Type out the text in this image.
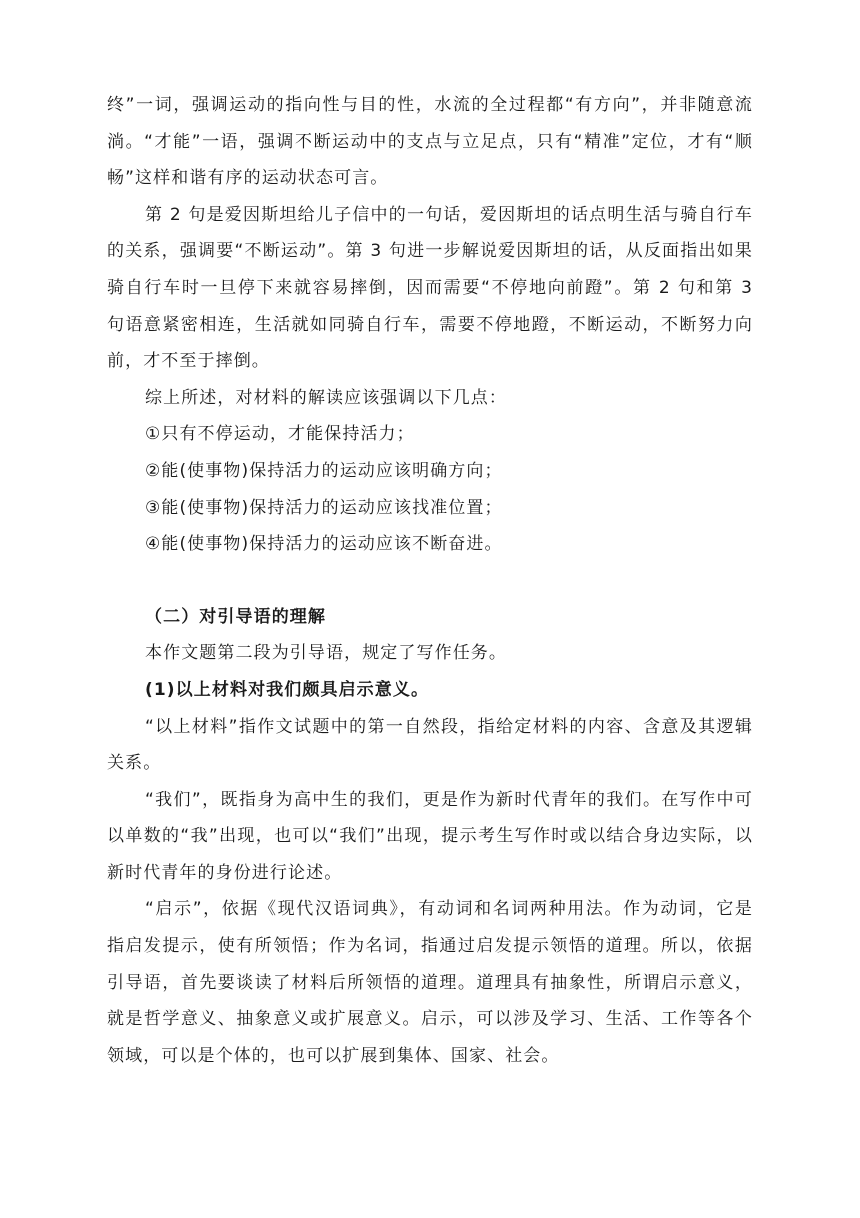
终”一词，强调运动的指向性与目的性，水流的全过程都“有方向”，并非随意流淌。“才能”一语，强调不断运动中的支点与立足点，只有“精准”定位，才有“顺畅”这样和谐有序的运动状态可言。

第 2 句是爱因斯坦给儿子信中的一句话，爱因斯坦的话点明生活与骑自行车的关系，强调要“不断运动”。第 3 句进一步解说爱因斯坦的话，从反面指出如果骑自行车时一旦停下来就容易摔倒，因而需要“不停地向前蹬”。第 2 句和第 3 句语意紧密相连，生活就如同骑自行车，需要不停地蹬，不断运动，不断努力向前，才不至于摔倒。

综上所述，对材料的解读应该强调以下几点：

①只有不停运动，才能保持活力；

②能(使事物)保持活力的运动应该明确方向；

③能(使事物)保持活力的运动应该找准位置；

④能(使事物)保持活力的运动应该不断奋进。

（二）对引导语的理解

本作文题第二段为引导语，规定了写作任务。

(1)以上材料对我们颇具启示意义。

“以上材料”指作文试题中的第一自然段，指给定材料的内容、含意及其逻辑关系。

“我们”，既指身为高中生的我们，更是作为新时代青年的我们。在写作中可以单数的“我”出现，也可以“我们”出现，提示考生写作时或以结合身边实际，以新时代青年的身份进行论述。

“启示”，依据《现代汉语词典》，有动词和名词两种用法。作为动词，它是指启发提示，使有所领悟；作为名词，指通过启发提示领悟的道理。所以，依据引导语，首先要谈读了材料后所领悟的道理。道理具有抽象性，所谓启示意义，就是哲学意义、抽象意义或扩展意义。启示，可以涉及学习、生活、工作等各个领域，可以是个体的，也可以扩展到集体、国家、社会。
